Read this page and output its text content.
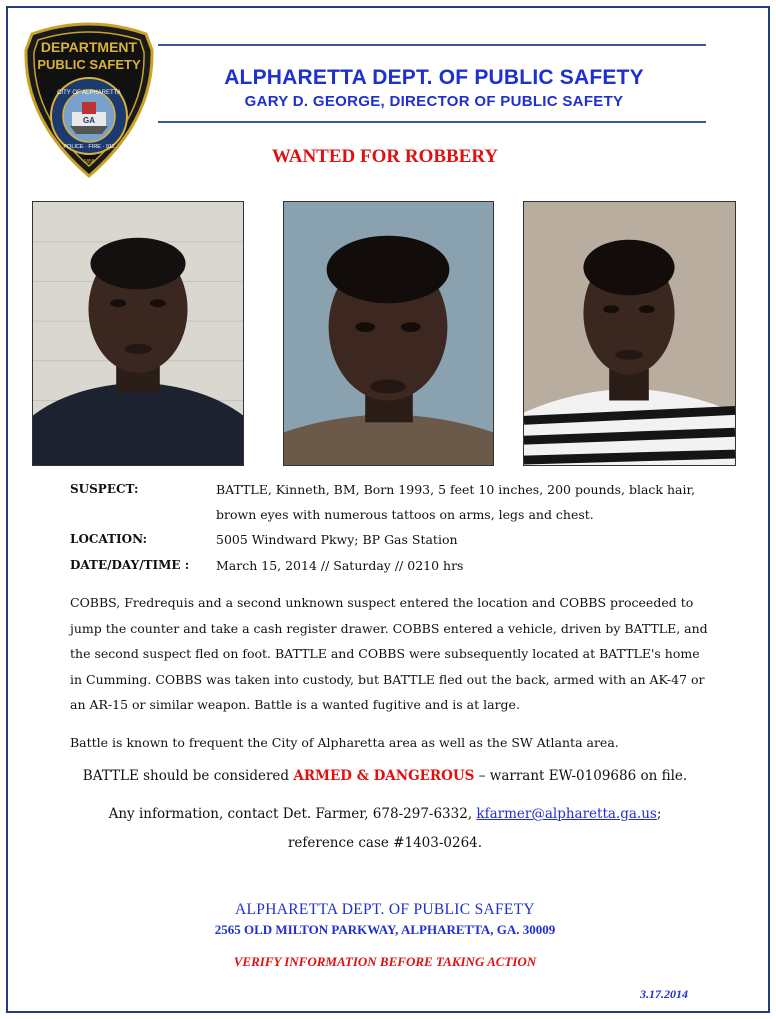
DEPARTMENT
PUBLIC SAFETY
CITY OF ALPHARETTA
GA
POLICE · FIRE · 911
1858
ALPHARETTA DEPT. OF PUBLIC SAFETY
GARY D. GEORGE, DIRECTOR OF PUBLIC SAFETY
WANTED FOR ROBBERY
SUSPECT:	BATTLE, Kinneth, BM, Born 1993, 5 feet 10 inches, 200 pounds, black hair,
brown eyes with numerous tattoos on arms, legs and chest.
LOCATION:	5005 Windward Pkwy; BP Gas Station
DATE/DAY/TIME : March 15, 2014 // Saturday // 0210 hrs
COBBS, Fredrequis and a second unknown suspect entered the location and COBBS proceeded to jump the counter and take a cash register drawer. COBBS entered a vehicle, driven by BATTLE, and the second suspect fled on foot. BATTLE and COBBS were subsequently located at BATTLE's home in Cumming. COBBS was taken into custody, but BATTLE fled out the back, armed with an AK-47 or an AR-15 or similar weapon. Battle is a wanted fugitive and is at large.
Battle is known to frequent the City of Alpharetta area as well as the SW Atlanta area.
BATTLE should be considered ARMED & DANGEROUS – warrant EW-0109686 on file.
Any information, contact Det. Farmer, 678-297-6332, kfarmer@alpharetta.ga.us;
reference case #1403-0264.
ALPHARETTA DEPT. OF PUBLIC SAFETY
2565 OLD MILTON PARKWAY, ALPHARETTA, GA. 30009
VERIFY INFORMATION BEFORE TAKING ACTION
3.17.2014
